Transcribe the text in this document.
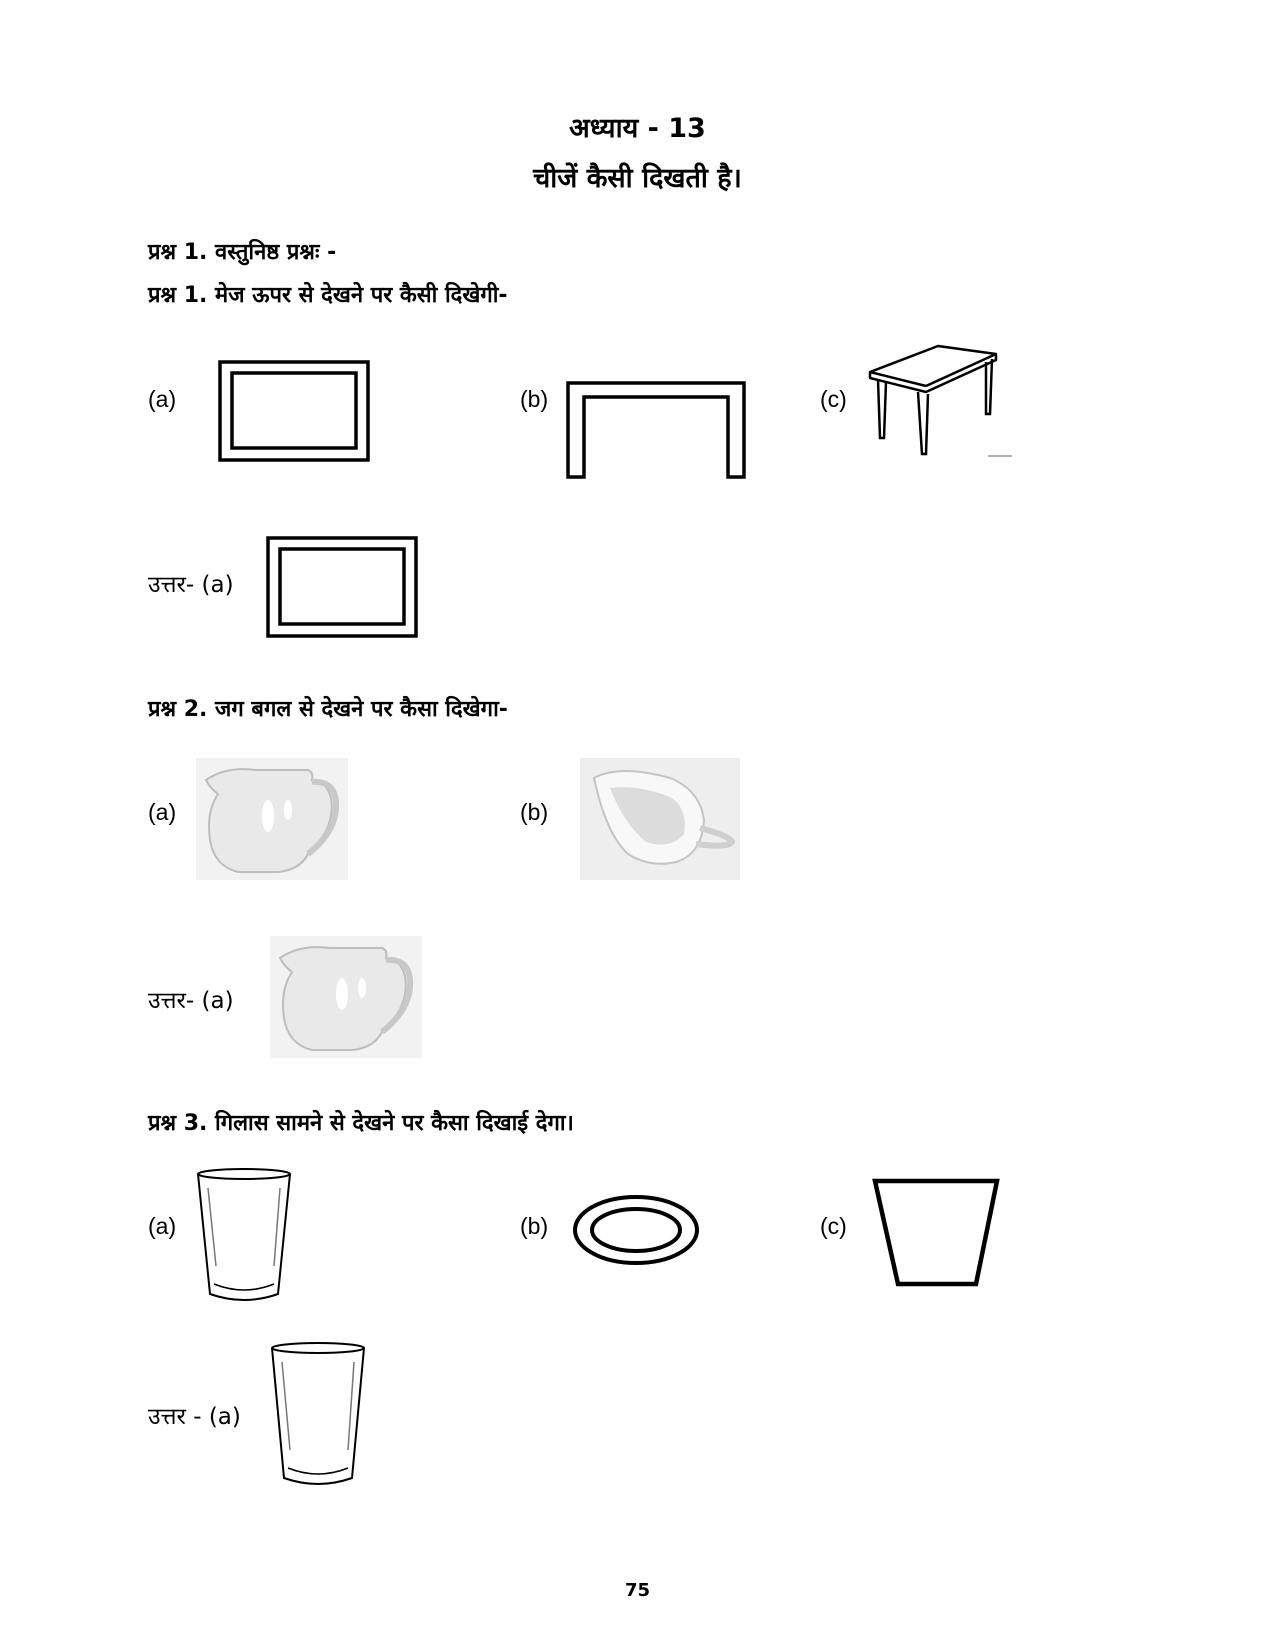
अध्याय - 13
चीजें कैसी दिखती है।
प्रश्न 1. वस्तुनिष्ठ प्रश्नः -
प्रश्न 1. मेज ऊपर से देखने पर कैसी दिखेगी-
(a)	(b)	(c)
उत्तर- (a)
प्रश्न 2. जग बगल से देखने पर कैसा दिखेगा-
(a)	(b)
उत्तर- (a)
प्रश्न 3. गिलास सामने से देखने पर कैसा दिखाई देगा।
(a)	(b)	(c)
उत्तर - (a)
75
